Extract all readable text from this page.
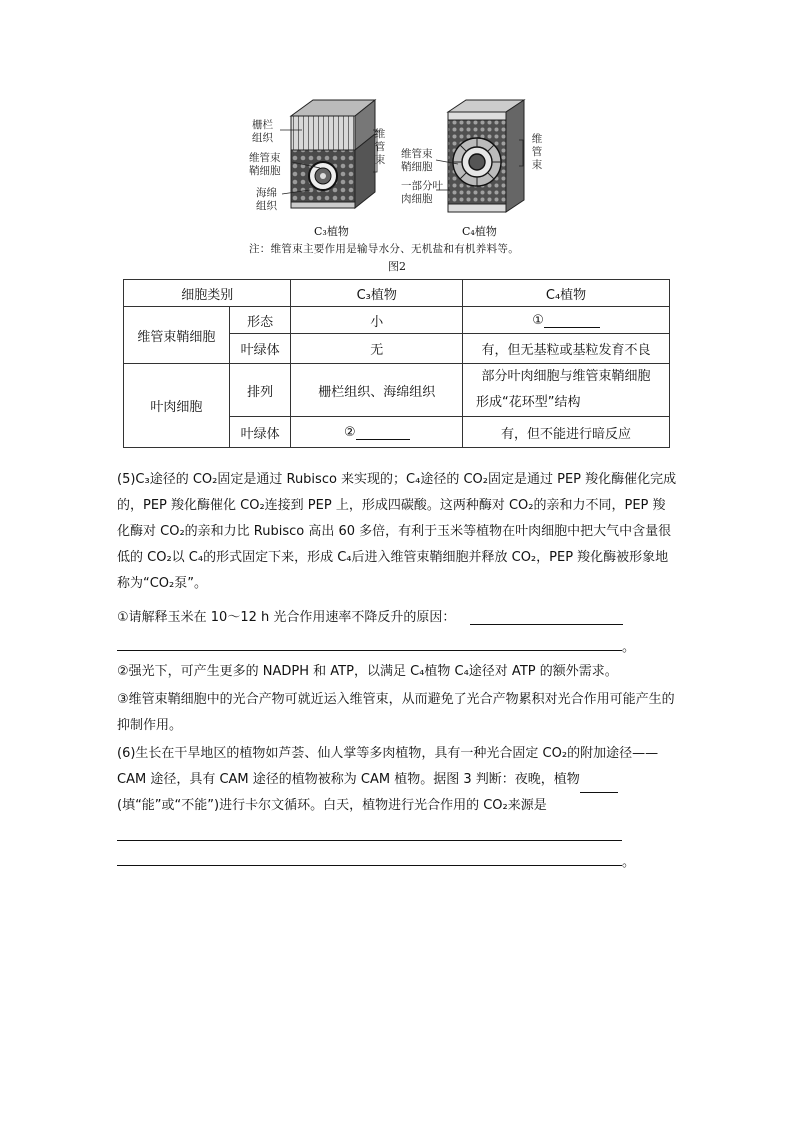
栅栏
组织
维管束
鞘细胞
海绵
组织
维
管
束 维管束
鞘细胞
一部分叶
肉细胞
维
管
束
C₃植物	C₄植物
注：维管束主要作用是输导水分、无机盐和有机养料等。
图2
细胞类别		C₃植物	C₄植物
维管束鞘细胞	形态	小	①
	叶绿体	无	有，但无基粒或基粒发育不良
叶肉细胞	排列	栅栏组织、海绵组织	部分叶肉细胞与维管束鞘细胞
形成“花环型”结构
	叶绿体	②	有，但不能进行暗反应

(5)C₃途径的 CO₂固定是通过 Rubisco 来实现的；C₄途径的 CO₂固定是通过 PEP 羧化酶催化完成的，PEP 羧化酶催化 CO₂连接到 PEP 上，形成四碳酸。这两种酶对 CO₂的亲和力不同，PEP 羧化酶对 CO₂的亲和力比 Rubisco 高出 60 多倍，有利于玉米等植物在叶肉细胞中把大气中含量很低的 CO₂以 C₄的形式固定下来，形成 C₄后进入维管束鞘细胞并释放 CO₂，PEP 羧化酶被形象地称为“CO₂泵”。

①请解释玉米在 10～12 h 光合作用速率不降反升的原因：

。

②强光下，可产生更多的 NADPH 和 ATP，以满足 C₄植物 C₄途径对 ATP 的额外需求。

③维管束鞘细胞中的光合产物可就近运入维管束，从而避免了光合产物累积对光合作用可能产生的抑制作用。

(6)生长在干旱地区的植物如芦荟、仙人掌等多肉植物，具有一种光合固定 CO₂的附加途径——CAM 途径，具有 CAM 途径的植物被称为 CAM 植物。据图 3 判断：夜晚，植物(填“能”或“不能”)进行卡尔文循环。白天，植物进行光合作用的 CO₂来源是

。
